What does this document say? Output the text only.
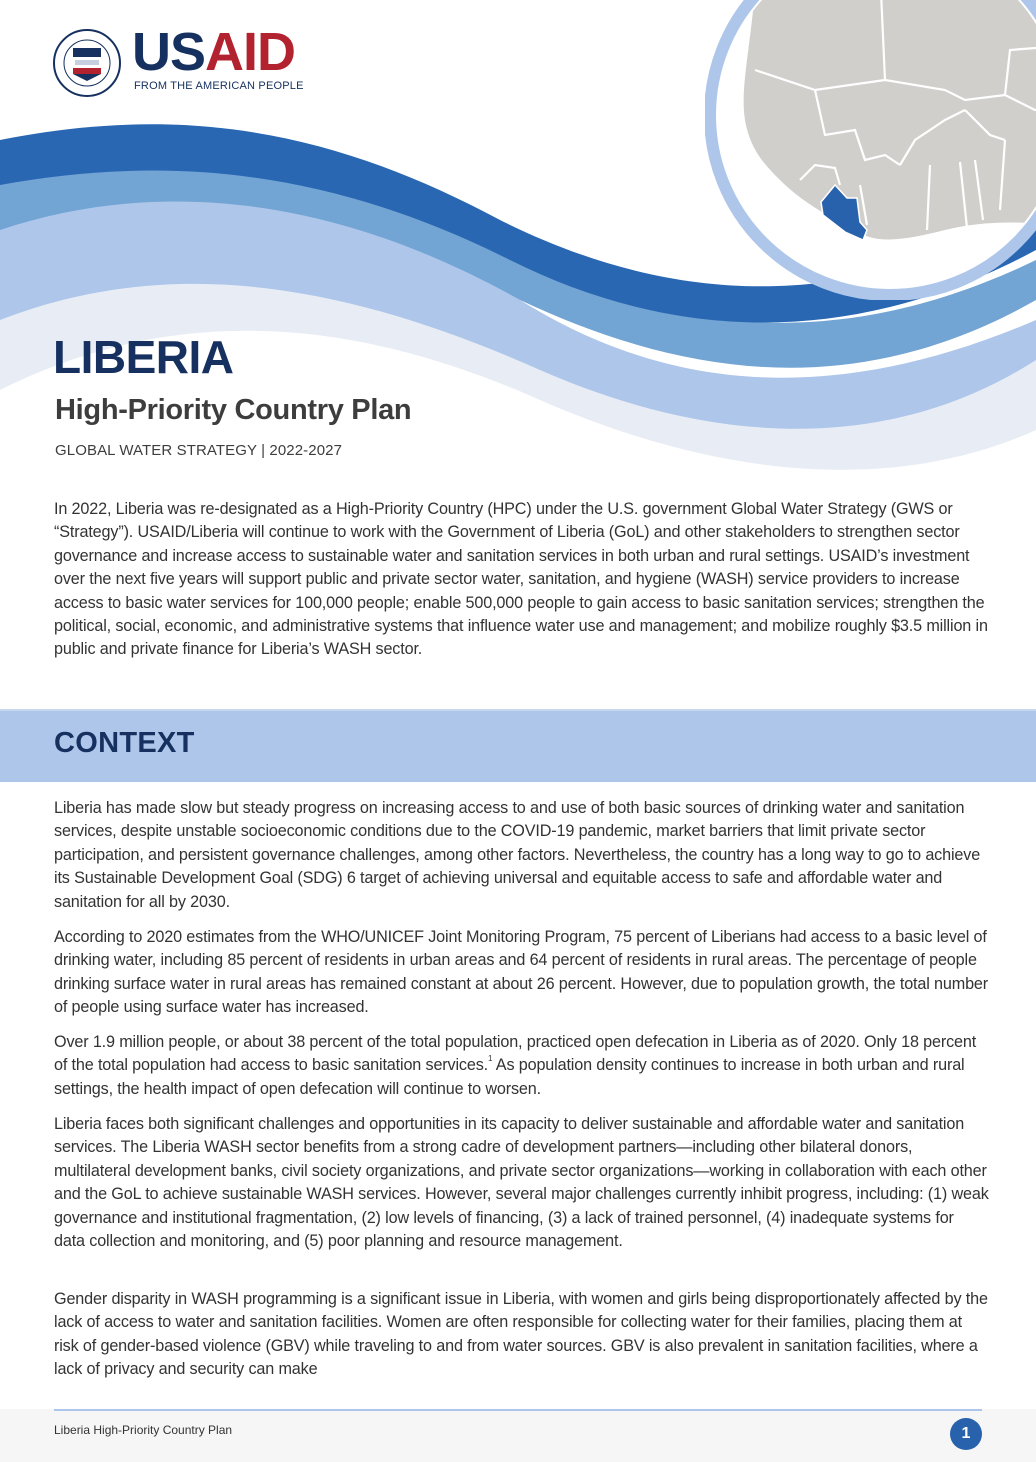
USAID
FROM THE AMERICAN PEOPLE
LIBERIA
High-Priority Country Plan
GLOBAL WATER STRATEGY | 2022-2027

In 2022, Liberia was re-designated as a High-Priority Country (HPC) under the U.S. government Global Water Strategy (GWS or “Strategy”). USAID/Liberia will continue to work with the Government of Liberia (GoL) and other stakeholders to strengthen sector governance and increase access to sustainable water and sanitation services in both urban and rural settings. USAID’s investment over the next five years will support public and private sector water, sanitation, and hygiene (WASH) service providers to increase access to basic water services for 100,000 people; enable 500,000 people to gain access to basic sanitation services; strengthen the political, social, economic, and administrative systems that influence water use and management; and mobilize roughly $3.5 million in public and private finance for Liberia’s WASH sector.

CONTEXT

Liberia has made slow but steady progress on increasing access to and use of both basic sources of drinking water and sanitation services, despite unstable socioeconomic conditions due to the COVID-19 pandemic, market barriers that limit private sector participation, and persistent governance challenges, among other factors. Nevertheless, the country has a long way to go to achieve its Sustainable Development Goal (SDG) 6 target of achieving universal and equitable access to safe and affordable water and sanitation for all by 2030.

According to 2020 estimates from the WHO/UNICEF Joint Monitoring Program, 75 percent of Liberians had access to a basic level of drinking water, including 85 percent of residents in urban areas and 64 percent of residents in rural areas. The percentage of people drinking surface water in rural areas has remained constant at about 26 percent. However, due to population growth, the total number of people using surface water has increased.

Over 1.9 million people, or about 38 percent of the total population, practiced open defecation in Liberia as of 2020. Only 18 percent of the total population had access to basic sanitation services.$^1$ As population density continues to increase in both urban and rural settings, the health impact of open defecation will continue to worsen.

Liberia faces both significant challenges and opportunities in its capacity to deliver sustainable and affordable water and sanitation services. The Liberia WASH sector benefits from a strong cadre of development partners—including other bilateral donors, multilateral development banks, civil society organizations, and private sector organizations—working in collaboration with each other and the GoL to achieve sustainable WASH services. However, several major challenges currently inhibit progress, including: (1) weak governance and institutional fragmentation, (2) low levels of financing, (3) a lack of trained personnel, (4) inadequate systems for data collection and monitoring, and (5) poor planning and resource management.

Gender disparity in WASH programming is a significant issue in Liberia, with women and girls being disproportionately affected by the lack of access to water and sanitation facilities. Women are often responsible for collecting water for their families, placing them at risk of gender-based violence (GBV) while traveling to and from water sources. GBV is also prevalent in sanitation facilities, where a lack of privacy and security can make

Liberia High-Priority Country Plan	1
